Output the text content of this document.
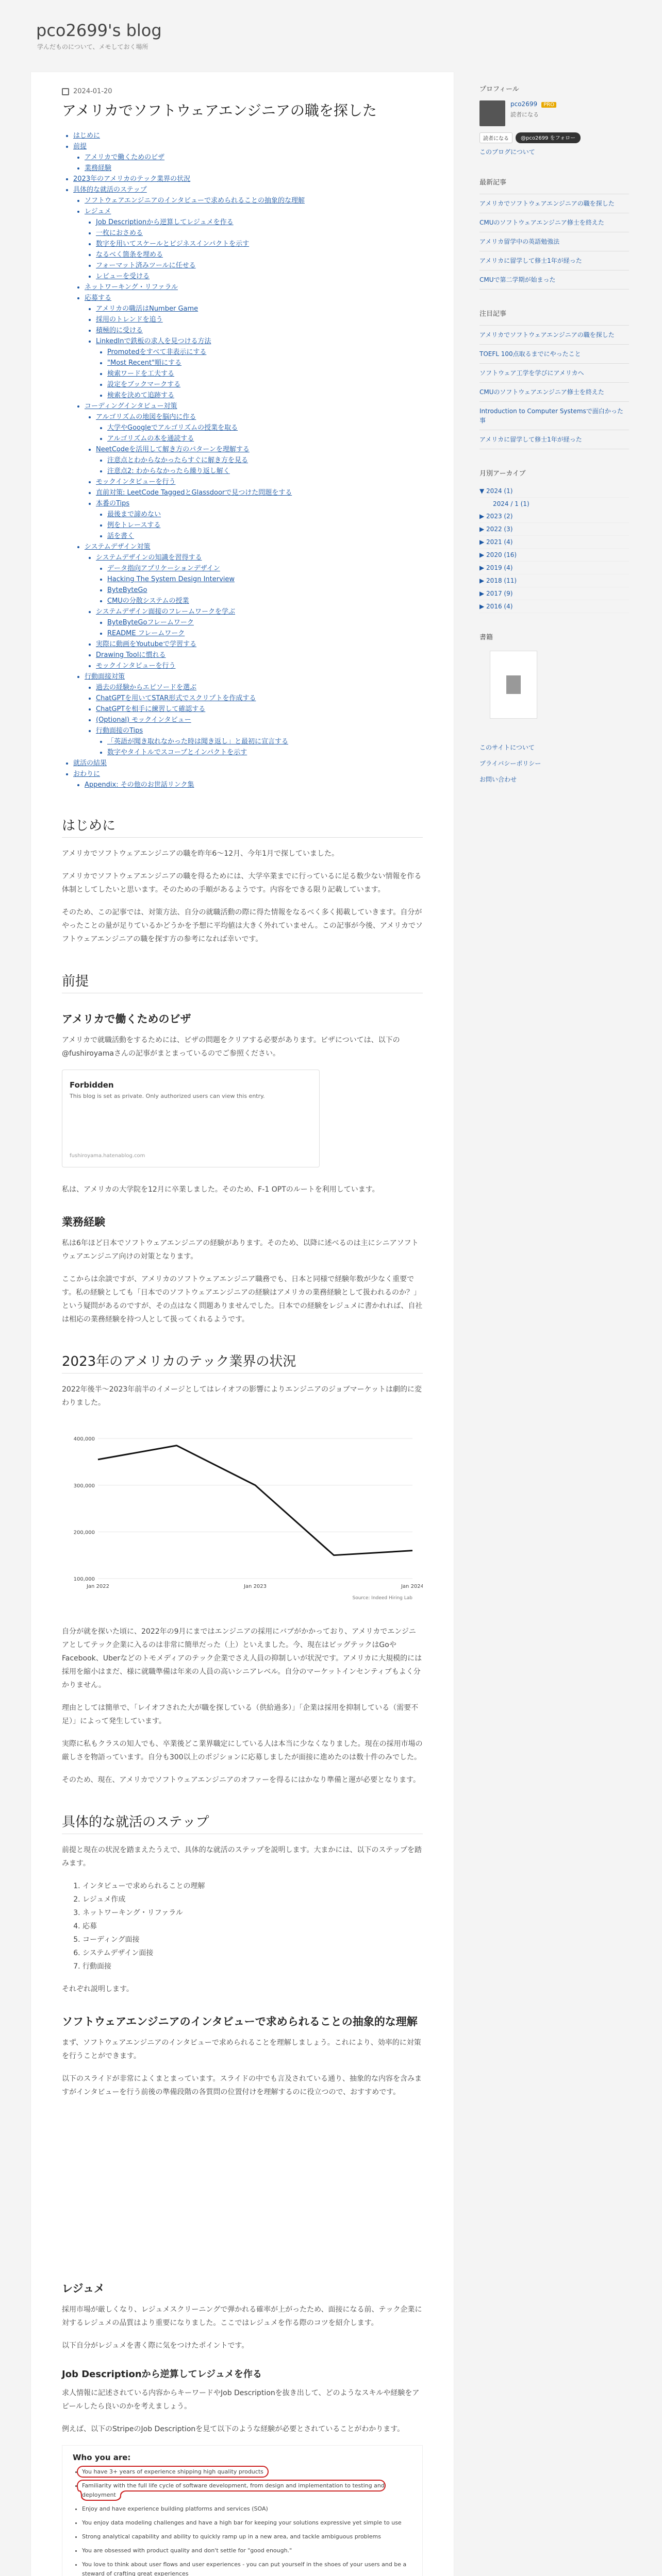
pco2699's blog
学んだものについて、メモしておく場所
2024-01-20
アメリカでソフトウェアエンジニアの職を探した
• はじめに
• 前提
• アメリカで働くためのビザ
• 業務経験
• 2023年のアメリカのテック業界の状況
• 具体的な就活のステップ
• ソフトウェアエンジニアのインタビューで求められることの抽象的な理解
• レジュメ
• Job Descriptionから逆算してレジュメを作る
• 一枚におさめる
• 数字を用いてスケールとビジネスインパクトを示す
• なるべく箇条を埋める
• フォーマット済みツールに任せる
• レビューを受ける
• ネットワーキング・リファラル
• 応募する
• アメリカの職活はNumber Game
• 採用のトレンドを追う
• 積極的に受ける
• LinkedInで鉄板の求人を見つける方法
• Promotedをすべて非表示にする
• "Most Recent"順にする
• 検索ワードを工夫する
• 設定をブックマークする
• 検索を決めて追跡する
• コーディングインタビュー対策
• アルゴリズムの地図を脳内に作る
• 大学やGoogleでアルゴリズムの授業を取る
• アルゴリズムの本を通読する
• NeetCodeを活用して解き方のパターンを理解する
• 注意点とわからなかったらすぐに解き方を見る
• 注意点2: わからなかったら繰り返し解く
• モックインタビューを行う
• 直前対策: LeetCode TaggedとGlassdoorで見つけた問題をする
• 本番のTips
• 最後まで諦めない
• 例をトレースする
• 話を書く
• システムデザイン対策
• システムデザインの知識を習得する
• データ指向アプリケーションデザイン
• Hacking The System Design Interview
• ByteByteGo
• CMUの分散システムの授業
• システムデザイン面接のフレームワークを学ぶ
• ByteByteGoフレームワーク
• README フレームワーク
• 実際に動画をYoutubeで学習する
• Drawing Toolに慣れる
• モックインタビューを行う
• 行動面接対策
• 過去の経験からエピソードを選ぶ
• ChatGPTを用いてSTAR形式でスクリプトを作成する
• ChatGPTを相手に練習して確認する
• (Optional) モックインタビュー
• 行動面接のTips
• 「英語が聞き取れなかった時は聞き返し」と最初に宣言する
• 数字やタイトルでスコープとインパクトを示す
• 就活の結果
• おわりに
• Appendix: その他のお世話リンク集
はじめに

アメリカでソフトウェアエンジニアの職を昨年6～12月、今年1月で探していました。

アメリカでソフトウェアエンジニアの職を得るためには、大学卒業までに行っているに足る数少ない情報を作る体制としてしたいと思います。そのための手順があるようです。内容をできる限り記載しています。

そのため、この記事では、対策方法、自分の就職活動の際に得た情報をなるべく多く掲載していきます。自分がやったことの量が足りているかどうかを予想に平均値は大きく外れていません。この記事が今後、アメリカでソフトウェアエンジニアの職を探す方の参考になれば幸いです。

前提
アメリカで働くためのビザ

アメリカで就職活動をするためには、ビザの問題をクリアする必要があります。ビザについては、以下の@fushiroyamaさんの記事がまとまっているのでご参照ください。

Forbidden
This blog is set as private. Only authorized users can view this entry.
fushiroyama.hatenablog.com

私は、アメリカの大学院を12月に卒業しました。そのため、F-1 OPTのルートを利用しています。

業務経験

私は6年ほど日本でソフトウェアエンジニアの経験があります。そのため、以降に述べるのは主にシニアソフトウェアエンジニア向けの対策となります。

ここからは余談ですが、アメリカのソフトウェアエンジニア職務でも、日本と同様で経験年数が少なく重要です。私の経験としても「日本でのソフトウェアエンジニアの経験はアメリカの業務経験として扱われるのか？」という疑問があるのですが、その点はなく問題ありませんでした。日本での経験をレジュメに書かれれば、自社は相応の業務経験を持つ人として扱ってくれるようです。

2023年のアメリカのテック業界の状況

2022年後半～2023年前半のイメージとしてはレイオフの影響によりエンジニアのジョブマーケットは劇的に変わりました。

400,000
300,000
200,000
100,000
Jan 2022	Jan 2023	Jan 2024
Source: Indeed Hiring Lab

自分が就を探いた頃に、2022年の9月にまではエンジニアの採用にバブがかかっており、アメリカでエンジニアとしてテック企業に入るのは非常に簡単だった（上）といえました。今、現在はビッグテックはGoやFacebook、Uberなどのトモメディアのテック企業でさえ人員の抑制しいが状況です。アメリカに大規模的には採用を縮小はまだ、様に就職準備は年来の人員の高いシニアレベル。自分のマーケットインセンティブもよく分かりません。

理由としては簡単で、「レイオフされた大が職を探している（供給過多）」「企業は採用を抑制している（需要不足）」によって発生しています。

実際に私もクラスの知人でも、卒業後どこ業界職定にしている人は本当に少なくなりました。現在の採用市場の厳しさを物語っています。自分も300以上のポジションに応募しましたが面接に進めたのは数十件のみでした。

そのため、現在、アメリカでソフトウェアエンジニアのオファーを得るにはかなり準備と運が必要となります。

具体的な就活のステップ

前提と現在の状況を踏まえたうえで、具体的な就活のステップを説明します。大まかには、以下のステップを踏みます。

1. インタビューで求められることの理解
2. レジュメ作成
3. ネットワーキング・リファラル
4. 応募
5. コーディング面接
6. システムデザイン面接
7. 行動面接

それぞれ説明します。

ソフトウェアエンジニアのインタビューで求められることの抽象的な理解

まず、ソフトウェアエンジニアのインタビューで求められることを理解しましょう。これにより、効率的に対策を行うことができます。

以下のスライドが非常によくまとまっています。スライドの中でも言及されている通り、抽象的な内容を含みますがインタビューを行う前後の準備段階の各質問の位置付けを理解するのに役立つので、おすすめです。

レジュメ

採用市場が厳しくなり、レジュメスクリーニングで弾かれる確率が上がったため、面接になる前、テック企業に対するレジュメの品質はより重要になりました。ここではレジュメを作る際のコツを紹介します。

以下自分がレジュメを書く際に気をつけたポイントです。

Job Descriptionから逆算してレジュメを作る

求人情報に記述されている内容からキーワードやJob Descriptionを抜き出して、どのようなスキルや経験をアピールしたら良いのかを考えましょう。

例えば、以下のStripeのJob Descriptionを見て以下のような経験が必要とされていることがわかります。

Who you are:
• You have 3+ years of experience shipping high quality products
• Familiarity with the full life cycle of software development, from design and implementation to testing and deployment
• Enjoy and have experience building platforms and services (SOA)
• You enjoy data modeling challenges and have a high bar for keeping your solutions expressive yet simple to use
• Strong analytical capability and ability to quickly ramp up in a new area, and tackle ambiguous problems
• You are obsessed with product quality and don't settle for "good enough."
• You love to think about user flows and user experiences - you can put yourself in the shoes of your users and be a steward of crafting great experiences
プロフィール
pco2699 PRO
読者になる
読者になる	@pco2699 をフォロー
このブログについて
最新記事
アメリカでソフトウェアエンジニアの職を探した
CMUのソフトウェアエンジニア修士を終えた
アメリカ留学中の英語勉強法
アメリカに留学して修士1年が経った
CMUで第二学期が始まった
注目記事
アメリカでソフトウェアエンジニアの職を探した
TOEFL 100点取るまでにやったこと
ソフトウェア工学を学びにアメリカへ
CMUのソフトウェアエンジニア修士を終えた
Introduction to Computer Systemsで面白かった事
アメリカに留学して修士1年が経った
月別アーカイブ
▼ 2024 (1)
2024 / 1 (1)
▶ 2023 (2)
▶ 2022 (3)
▶ 2021 (4)
▶ 2020 (16)
▶ 2019 (4)
▶ 2018 (11)
▶ 2017 (9)
▶ 2016 (4)
書籍
このサイトについて
プライバシーポリシー
お問い合わせ
